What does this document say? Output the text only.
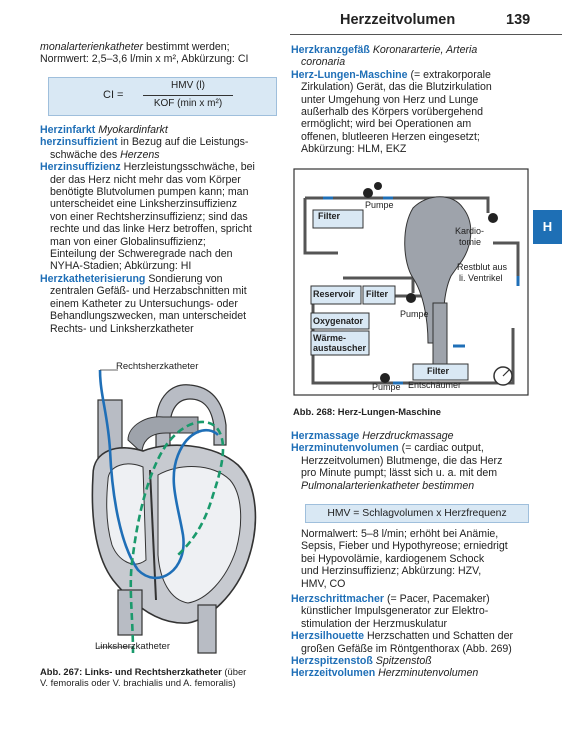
Herzzeitvolumen	139
H

monalarterienkatheter bestimmt werden;

Normwert: 2,5–3,6 l/min x m², Abkürzung: CI

CI =
HMV (l)
KOF (min x m²)

Herzinfarkt Myokardinfarkt

herzinsuffizient in Bezug auf die Leistungs-

schwäche des Herzens

Herzinsuffizienz Herzleistungsschwäche, bei

der das Herz nicht mehr das vom Körper

benötigte Blutvolumen pumpen kann; man

unterscheidet eine Linksherzinsuffizienz

von einer Rechtsherzinsuffizienz; sind das

rechte und das linke Herz betroffen, spricht

man von einer Globalinsuffizienz;

Einteilung der Schweregrade nach den

NYHA-Stadien; Abkürzung: HI

Herzkatheterisierung Sondierung von

zentralen Gefäß- und Herzabschnitten mit

einem Katheter zu Untersuchungs- oder

Behandlungszwecken, man unterscheidet

Rechts- und Linksherzkatheter

Rechtsherzkatheter
Linksherzkatheter
Abb. 267: Links- und Rechtsherzkatheter (über
V. femoralis oder V. brachialis und A. femoralis)

Herzkranzgefäß Koronararterie, Arteria

coronaria

Herz-Lungen-Maschine (= extrakorporale

Zirkulation) Gerät, das die Blutzirkulation

unter Umgehung von Herz und Lunge

außerhalb des Körpers vorübergehend

ermöglicht; wird bei Operationen am

offenen, blutleeren Herzen eingesetzt;

Abkürzung: HLM, EKZ

Filter
Pumpe
Kardio-
tomie
Restblut aus
li. Ventrikel
Reservoir Filter
Pumpe
Oxygenator
Wärme-
austauscher
Filter
Pumpe Entschäumer
Abb. 268: Herz-Lungen-Maschine

Herzmassage Herzdruckmassage

Herzminutenvolumen (= cardiac output,

Herzzeitvolumen) Blutmenge, die das Herz

pro Minute pumpt; lässt sich u. a. mit dem

Pulmonalarterienkatheter bestimmen

HMV = Schlagvolumen x Herzfrequenz

Normalwert: 5–8 l/min; erhöht bei Anämie,

Sepsis, Fieber und Hypothyreose; erniedrigt

bei Hypovolämie, kardiogenem Schock

und Herzinsuffizienz; Abkürzung: HZV,

HMV, CO

Herzschrittmacher (= Pacer, Pacemaker)

künstlicher Impulsgenerator zur Elektro-

stimulation der Herzmuskulatur

Herzsilhouette Herzschatten und Schatten der

großen Gefäße im Röntgenthorax (Abb. 269)

Herzspitzenstoß Spitzenstoß

Herzzeitvolumen Herzminutenvolumen
